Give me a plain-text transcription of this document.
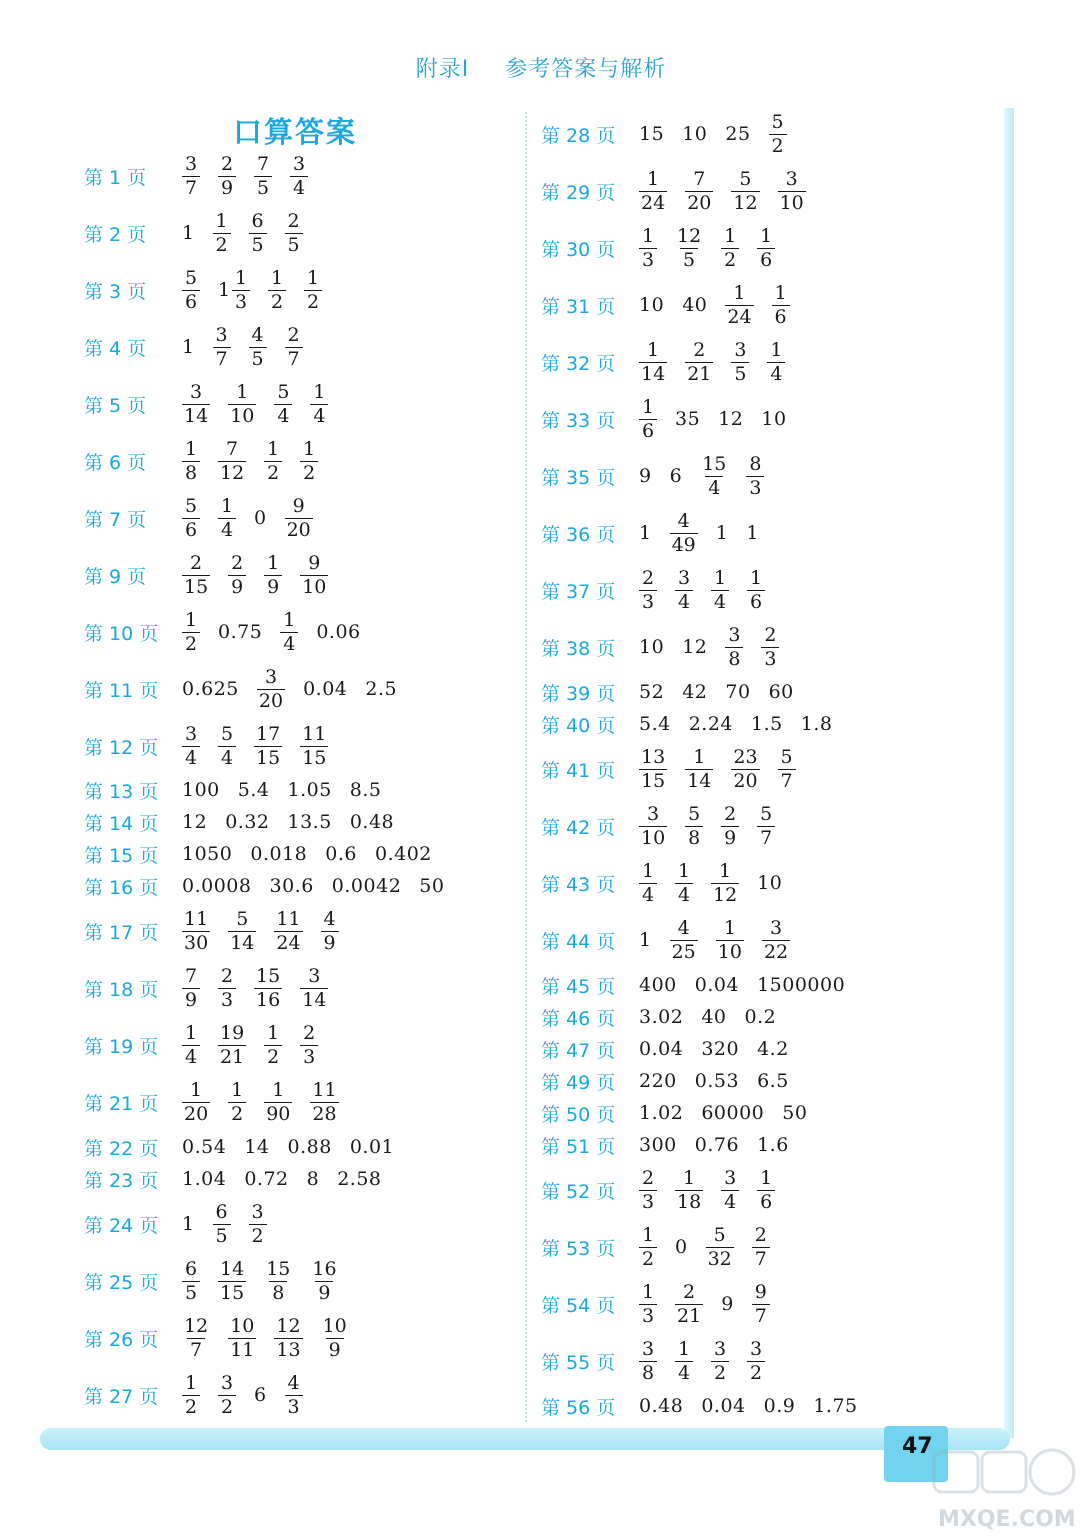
附录Ⅰ 参考答案与解析
口算答案
第 1 页	$\frac{3}{7} \frac{2}{9} \frac{7}{5} \frac{3}{4}$
第 2 页	$1 \frac{1}{2} \frac{6}{5} \frac{2}{5}$
第 3 页	$\frac{5}{6} 1 \frac{1}{3} \frac{1}{2} \frac{1}{2}$
第 4 页	$1 \frac{3}{7} \frac{4}{5} \frac{2}{7}$
第 5 页	$\frac{3}{14} \frac{1}{10} \frac{5}{4} \frac{1}{4}$
第 6 页	$\frac{1}{8} \frac{7}{12} \frac{1}{2} \frac{1}{2}$
第 7 页	$\frac{5}{6} \frac{1}{4} 0 \frac{9}{20}$
第 9 页	$\frac{2}{15} \frac{2}{9} \frac{1}{9} \frac{9}{10}$
第 10 页	$\frac{1}{2} 0.75 \frac{1}{4} 0.06$
第 11 页	$0.625 \frac{3}{20} 0.04$ 2.5
第 12 页	$\frac{3}{4} \frac{5}{4} \frac{17}{15} \frac{11}{15}$
第 13 页	100 5.4 1.05 8.5
第 14 页	12 0.32 13.5 0.48
第 15 页	1050 0.018 0.6 0.402
第 16 页	0.0008 30.6 0.0042 50
第 17 页	$\frac{11}{30} \frac{5}{14} \frac{11}{24} \frac{4}{9}$
第 18 页	$\frac{7}{9} \frac{2}{3} \frac{15}{16} \frac{3}{14}$
第 19 页	$\frac{1}{4} \frac{19}{21} \frac{1}{2} \frac{2}{3}$
第 21 页	$\frac{1}{20} \frac{1}{2} \frac{1}{90} \frac{11}{28}$
第 22 页	0.54 14 0.88 0.01
第 23 页	1.04 0.72 8 2.58
第 24 页	$1 \frac{6}{5} \frac{3}{2}$
第 25 页	$\frac{6}{5} \frac{14}{15} \frac{15}{8} \frac{16}{9}$
第 26 页	$\frac{12}{7} \frac{10}{11} \frac{12}{13} \frac{10}{9}$
第 27 页	$\frac{1}{2} \frac{3}{2} 6 \frac{4}{3}$
第 28 页	15 10 $25 \frac{5}{2}$
第 29 页	$\frac{1}{24} \frac{7}{20} \frac{5}{12} \frac{3}{10}$
第 30 页	$\frac{1}{3} \frac{12}{5} \frac{1}{2} \frac{1}{6}$
第 31 页	10 $40 \frac{1}{24} \frac{1}{6}$
第 32 页	$\frac{1}{14} \frac{2}{21} \frac{3}{5} \frac{1}{4}$
第 33 页	$\frac{1}{6} 35$ 12 10
第 35 页	9 $6 \frac{15}{4} \frac{8}{3}$
第 36 页	$1 \frac{4}{49} 1$ 1
第 37 页	$\frac{2}{3} \frac{3}{4} \frac{1}{4} \frac{1}{6}$
第 38 页	10 $12 \frac{3}{8} \frac{2}{3}$
第 39 页	52 42 70 60
第 40 页	5.4 2.24 1.5 1.8
第 41 页	$\frac{13}{15} \frac{1}{14} \frac{23}{20} \frac{5}{7}$
第 42 页	$\frac{3}{10} \frac{5}{8} \frac{2}{9} \frac{5}{7}$
第 43 页	$\frac{1}{4} \frac{1}{4} \frac{1}{12} 10$
第 44 页	$1 \frac{4}{25} \frac{1}{10} \frac{3}{22}$
第 45 页	400 0.04 1500000
第 46 页	3.02 40 0.2
第 47 页	0.04 320 4.2
第 49 页	220 0.53 6.5
第 50 页	1.02 60000 50
第 51 页	300 0.76 1.6
第 52 页	$\frac{2}{3} \frac{1}{18} \frac{3}{4} \frac{1}{6}$
第 53 页	$\frac{1}{2} 0 \frac{5}{32} \frac{2}{7}$
第 54 页	$\frac{1}{3} \frac{2}{21} 9 \frac{9}{7}$
第 55 页	$\frac{3}{8} \frac{1}{4} \frac{3}{2} \frac{3}{2}$
第 56 页	0.48 0.04 0.9 1.75
47
MXQE.COM
